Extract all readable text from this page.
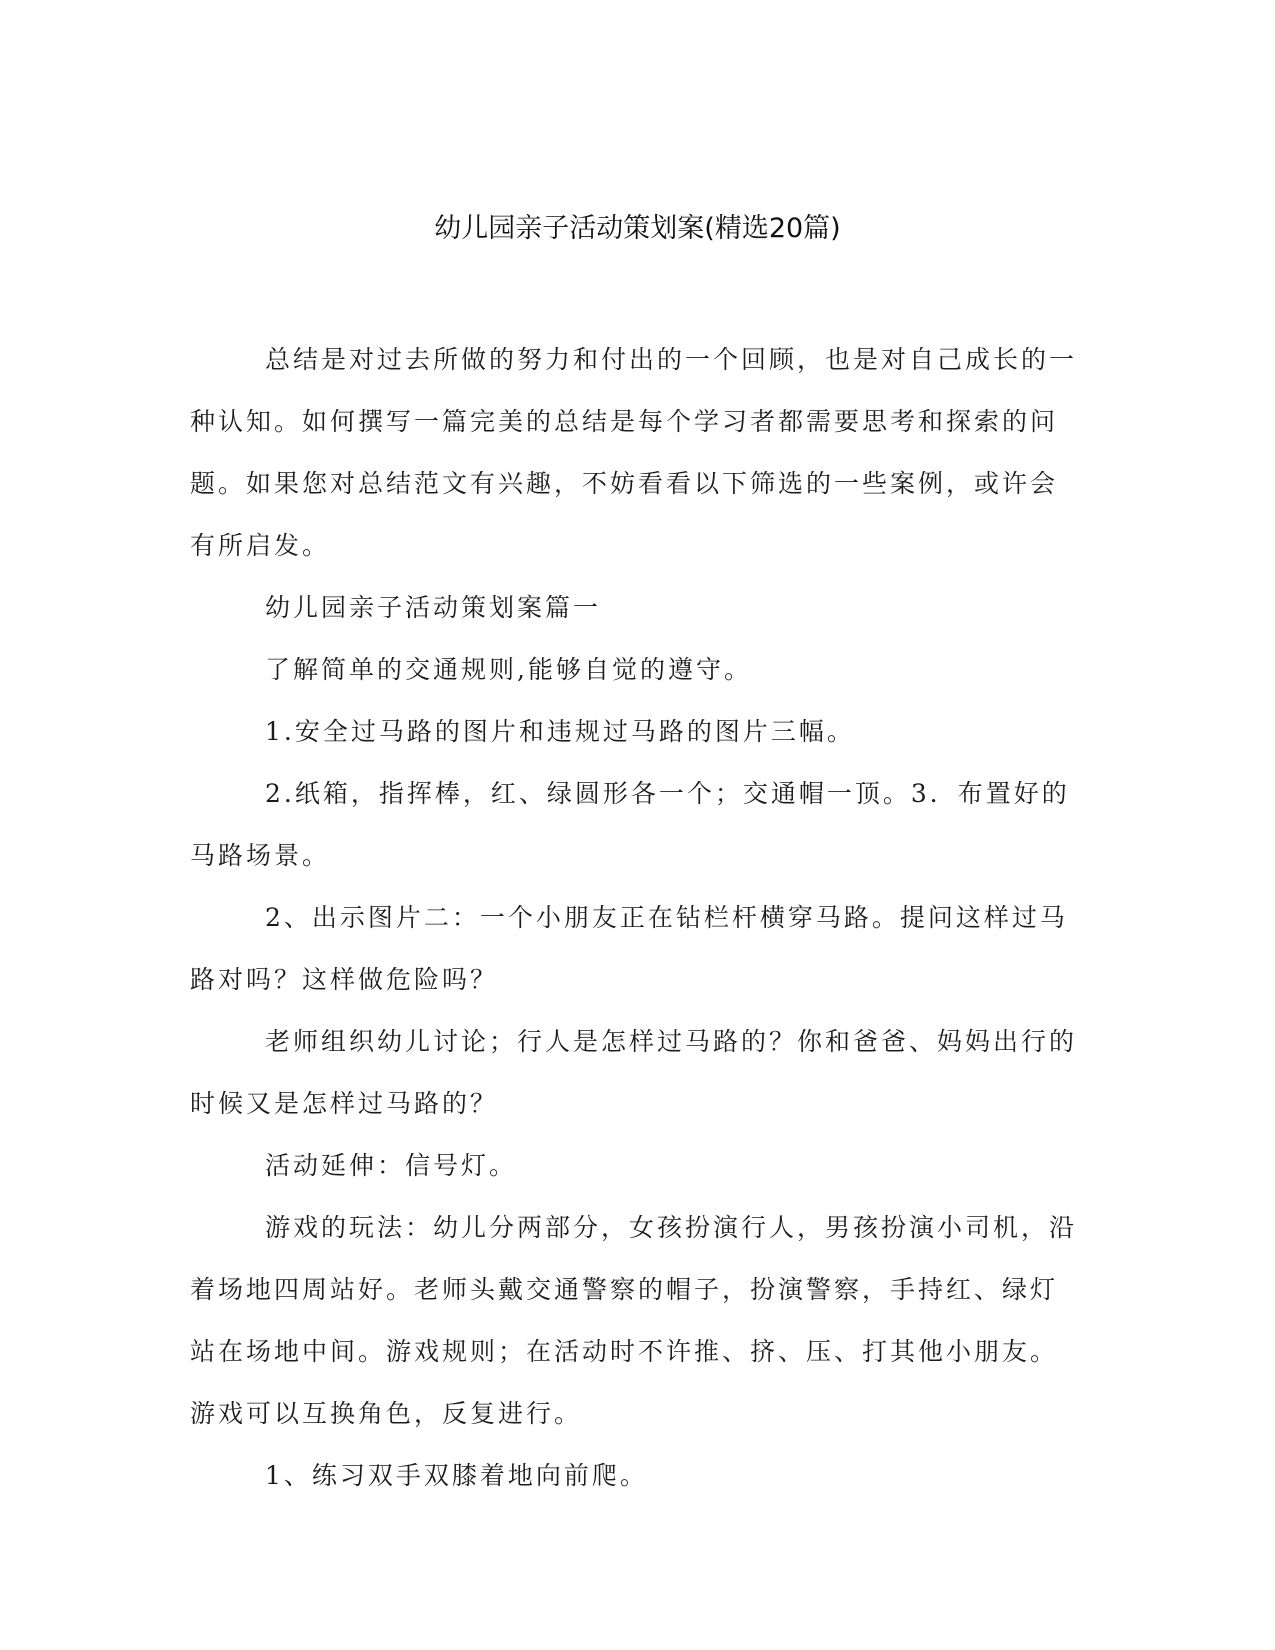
幼儿园亲子活动策划案(精选20篇)

总结是对过去所做的努力和付出的一个回顾，也是对自己成长的一种认知。如何撰写一篇完美的总结是每个学习者都需要思考和探索的问题。如果您对总结范文有兴趣，不妨看看以下筛选的一些案例，或许会有所启发。

幼儿园亲子活动策划案篇一

了解简单的交通规则,能够自觉的遵守。

1.安全过马路的图片和违规过马路的图片三幅。

2.纸箱，指挥棒，红、绿圆形各一个；交通帽一顶。3．布置好的马路场景。

2、出示图片二：一个小朋友正在钻栏杆横穿马路。提问这样过马路对吗？这样做危险吗？

老师组织幼儿讨论；行人是怎样过马路的？你和爸爸、妈妈出行的时候又是怎样过马路的？

活动延伸：信号灯。

游戏的玩法：幼儿分两部分，女孩扮演行人，男孩扮演小司机，沿着场地四周站好。老师头戴交通警察的帽子，扮演警察，手持红、绿灯站在场地中间。游戏规则；在活动时不许推、挤、压、打其他小朋友。游戏可以互换角色，反复进行。

1、练习双手双膝着地向前爬。
